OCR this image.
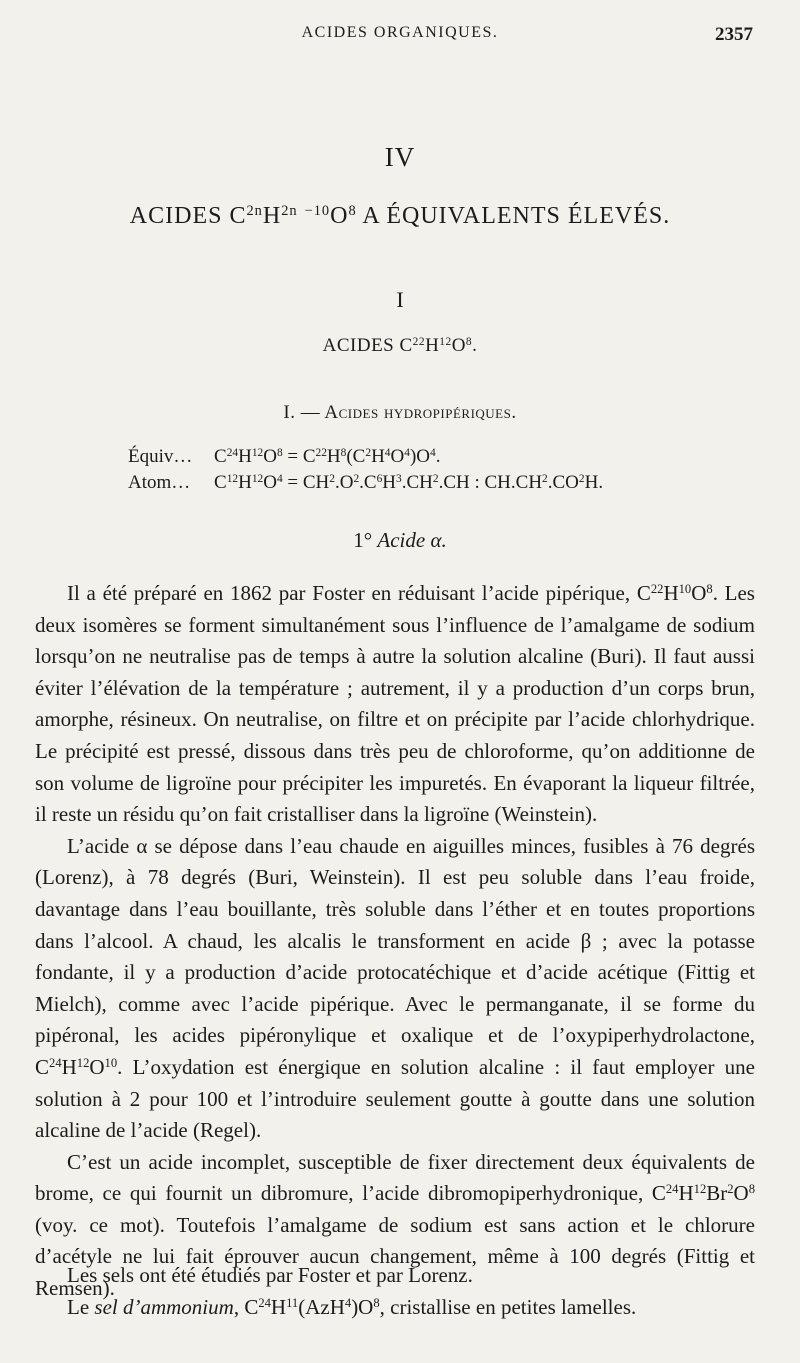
ACIDES ORGANIQUES.	2357
IV
ACIDES $C^{2n}H^{2n}$ $^{-10}O^8$ A ÉQUIVALENTS ÉLEVÉS.
I
ACIDES $C^{22}H^{12}O^8$.
I. — Acides hydropipériques.
Équiv…	$C^{24}H^{12}O^8 = C^{22}H^8(C^2H^4O^4)O^4$.
Atom…	$C^{12}H^{12}O^4 = CH^2.O^2.C^6H^3.CH^2.CH$ : $CH.CH^2.CO^2H$.
1° Acide α.

Il a été préparé en 1862 par Foster en réduisant l’acide pipérique, $C^{22}H^{10}O^8$. Les deux isomères se forment simultanément sous l’influence de l’amalgame de sodium lorsqu’on ne neutralise pas de temps à autre la solution alcaline (Buri). Il faut aussi éviter l’élévation de la température ; autrement, il y a production d’un corps brun, amorphe, résineux. On neutralise, on filtre et on précipite par l’acide chlorhydrique. Le précipité est pressé, dissous dans très peu de chloroforme, qu’on additionne de son volume de ligroïne pour précipiter les impuretés. En évaporant la liqueur filtrée, il reste un résidu qu’on fait cristalliser dans la ligroïne (Weinstein).

L’acide α se dépose dans l’eau chaude en aiguilles minces, fusibles à 76 degrés (Lorenz), à 78 degrés (Buri, Weinstein). Il est peu soluble dans l’eau froide, davantage dans l’eau bouillante, très soluble dans l’éther et en toutes proportions dans l’alcool. A chaud, les alcalis le transforment en acide β ; avec la potasse fondante, il y a production d’acide protocatéchique et d’acide acétique (Fittig et Mielch), comme avec l’acide pipérique. Avec le permanganate, il se forme du pipéronal, les acides pipéronylique et oxalique et de l’oxypiperhydrolactone, $C^{24}H^{12}O^{10}$. L’oxydation est énergique en solution alcaline : il faut employer une solution à 2 pour 100 et l’introduire seulement goutte à goutte dans une solution alcaline de l’acide (Regel).

C’est un acide incomplet, susceptible de fixer directement deux équivalents de brome, ce qui fournit un dibromure, l’acide dibromopiperhydronique, $C^{24}H^{12}Br^2O^8$ (voy. ce mot). Toutefois l’amalgame de sodium est sans action et le chlorure d’acétyle ne lui fait éprouver aucun changement, même à 100 degrés (Fittig et Remsen).

Les sels ont été étudiés par Foster et par Lorenz.

Le sel d’ammonium, $C^{24}H^{11}(AzH^4)O^8$, cristallise en petites lamelles.
